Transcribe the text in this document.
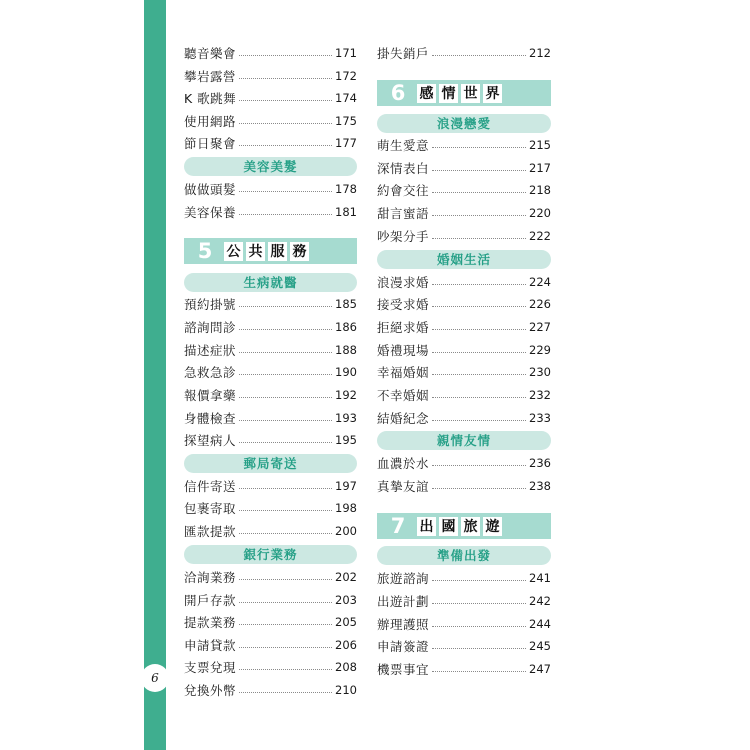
6
聽音樂會	171
攀岩露營	172
K 歌跳舞	174
使用網路	175
節日聚會	177
美容美髮
做做頭髮	178
美容保養	181
5	公 共 服 務
生病就醫
預約掛號	185
諮詢問診	186
描述症狀	188
急救急診	190
報價拿藥	192
身體檢查	193
探望病人	195
郵局寄送
信件寄送	197
包裹寄取	198
匯款提款	200
銀行業務
洽詢業務	202
開戶存款	203
提款業務	205
申請貸款	206
支票兌現	208
兌換外幣	210
掛失銷戶	212
6	感 情 世 界
浪漫戀愛
萌生愛意	215
深情表白	217
約會交往	218
甜言蜜語	220
吵架分手	222
婚姻生活
浪漫求婚	224
接受求婚	226
拒絕求婚	227
婚禮現場	229
幸福婚姻	230
不幸婚姻	232
結婚紀念	233
親情友情
血濃於水	236
真摯友誼	238
7	出 國 旅 遊
準備出發
旅遊諮詢	241
出遊計劃	242
辦理護照	244
申請簽證	245
機票事宜	247
